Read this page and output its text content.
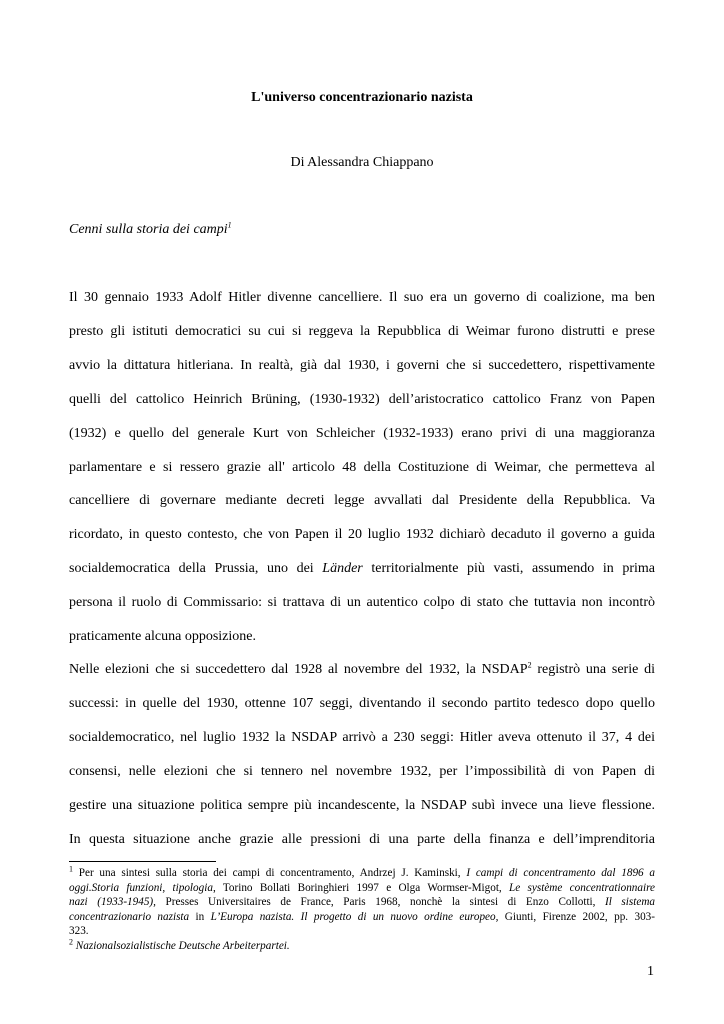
L'universo concentrazionario nazista
Di Alessandra Chiappano
Cenni sulla storia dei campi$^1$
Il 30 gennaio 1933 Adolf Hitler divenne cancelliere. Il suo era un governo di coalizione, ma ben
presto gli istituti democratici su cui si reggeva la Repubblica di Weimar furono distrutti e prese
avvio la dittatura hitleriana. In realtà, già dal 1930, i governi che si succedettero, rispettivamente
quelli del cattolico Heinrich Brüning, (1930-1932) dell’aristocratico cattolico Franz von Papen
(1932) e quello del generale Kurt von Schleicher (1932-1933) erano privi di una maggioranza
parlamentare e si ressero grazie all' articolo 48 della Costituzione di Weimar, che permetteva al
cancelliere di governare mediante decreti legge avvallati dal Presidente della Repubblica. Va
ricordato, in questo contesto, che von Papen il 20 luglio 1932 dichiarò decaduto il governo a guida
socialdemocratica della Prussia, uno dei Länder territorialmente più vasti, assumendo in prima
persona il ruolo di Commissario: si trattava di un autentico colpo di stato che tuttavia non incontrò
praticamente alcuna opposizione.
Nelle elezioni che si succedettero dal 1928 al novembre del 1932, la NSDAP$^2$ registrò una serie di
successi: in quelle del 1930, ottenne 107 seggi, diventando il secondo partito tedesco dopo quello
socialdemocratico, nel luglio 1932 la NSDAP arrivò a 230 seggi: Hitler aveva ottenuto il 37, 4 dei
consensi, nelle elezioni che si tennero nel novembre 1932, per l’impossibilità di von Papen di
gestire una situazione politica sempre più incandescente, la NSDAP subì invece una lieve flessione.
In questa situazione anche grazie alle pressioni di una parte della finanza e dell’imprenditoria
$^1$ Per una sintesi sulla storia dei campi di concentramento, Andrzej J. Kaminski, I campi di concentramento dal 1896 a
oggi.Storia funzioni, tipologia, Torino Bollati Boringhieri 1997 e Olga Wormser-Migot, Le système concentrationnaire
nazi (1933-1945), Presses Universitaires de France, Paris 1968, nonchè la sintesi di Enzo Collotti, Il sistema
concentrazionario nazista in L’Europa nazista. Il progetto di un nuovo ordine europeo, Giunti, Firenze 2002, pp. 303-
323.
$^2$ Nazionalsozialistische Deutsche Arbeiterpartei.
1
